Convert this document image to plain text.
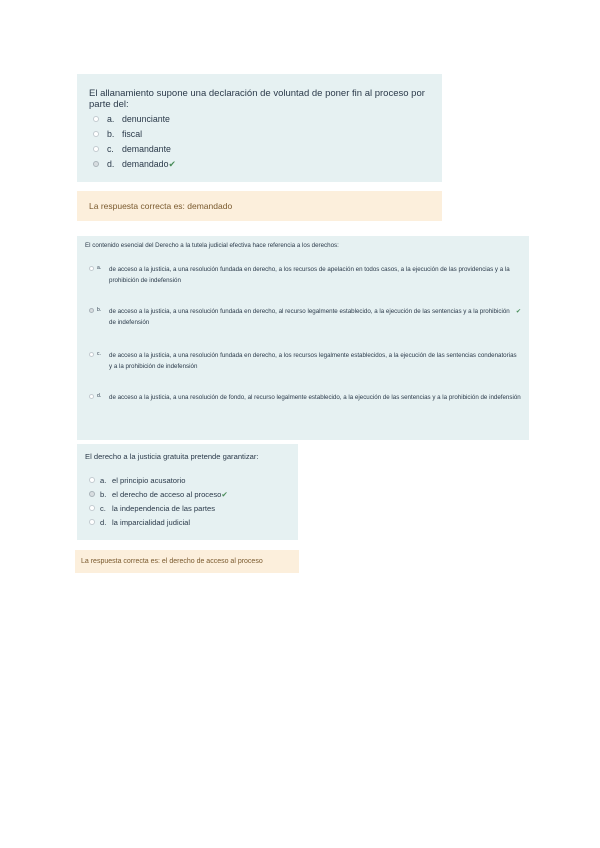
El allanamiento supone una declaración de voluntad de poner fin al proceso por parte del:

a. denunciante
b. fiscal
c. demandante
d. demandado ✔
La respuesta correcta es: demandado

El contenido esencial del Derecho a la tutela judicial efectiva hace referencia a los derechos:

a.	de acceso a la justicia, a una resolución fundada en derecho, a los recursos de apelación en todos casos, a la ejecución de las providencias y a la prohibición de indefensión
b.	de acceso a la justicia, a una resolución fundada en derecho, al recurso legalmente establecido, a la ejecución de las sentencias y a la prohibición de indefensión
✔
c.	de acceso a la justicia, a una resolución fundada en derecho, a los recursos legalmente establecidos, a la ejecución de las sentencias condenatorias y a la prohibición de indefensión
d.	de acceso a la justicia, a una resolución de fondo, al recurso legalmente establecido, a la ejecución de las sentencias y a la prohibición de indefensión

El derecho a la justicia gratuita pretende garantizar:

a. el principio acusatorio
b. el derecho de acceso al proceso ✔
c. la independencia de las partes
d. la imparcialidad judicial
La respuesta correcta es: el derecho de acceso al proceso
